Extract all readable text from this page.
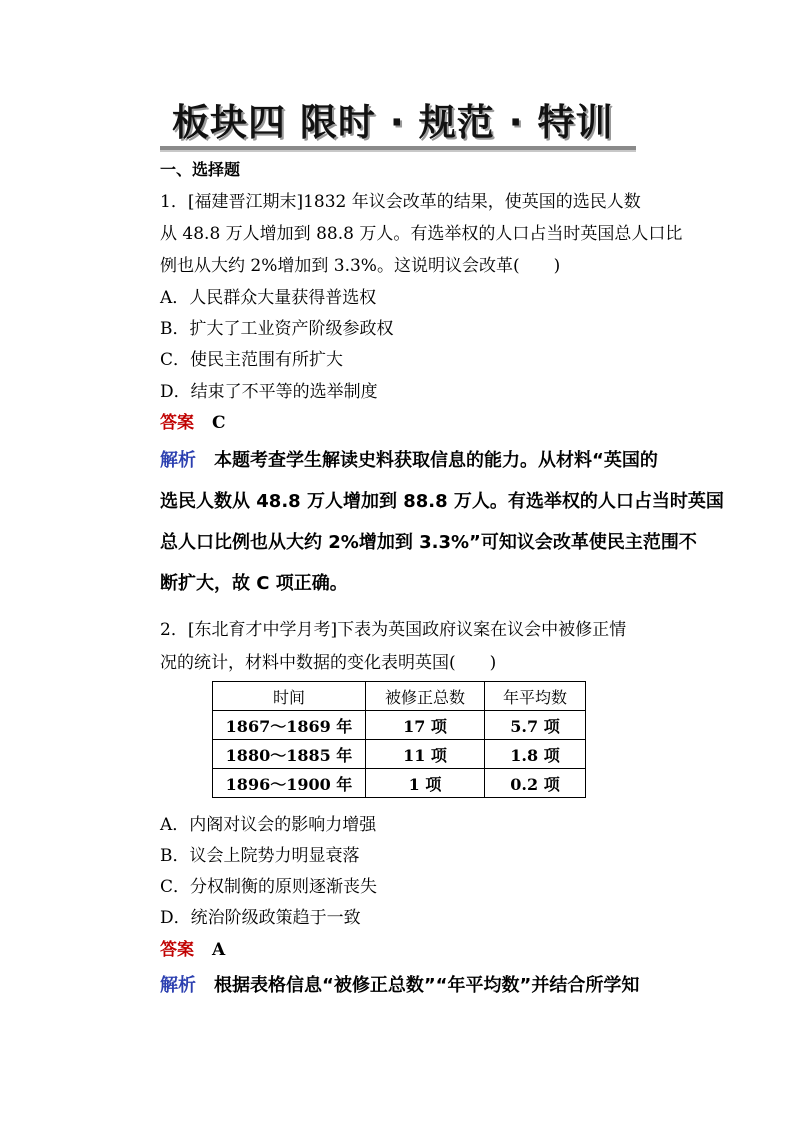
板块四 限时 · 规范 · 特训
一、选择题
1．[福建晋江期末]1832 年议会改革的结果，使英国的选民人数
从 48.8 万人增加到 88.8 万人。有选举权的人口占当时英国总人口比
例也从大约 2%增加到 3.3%。这说明议会改革(　　)
A．人民群众大量获得普选权
B．扩大了工业资产阶级参政权
C．使民主范围有所扩大
D．结束了不平等的选举制度
答案 C
解析 本题考查学生解读史料获取信息的能力。从材料“英国的
选民人数从 48.8 万人增加到 88.8 万人。有选举权的人口占当时英国
总人口比例也从大约 2%增加到 3.3%”可知议会改革使民主范围不
断扩大，故 C 项正确。
2．[东北育才中学月考]下表为英国政府议案在议会中被修正情
况的统计，材料中数据的变化表明英国(　　)
时间	被修正总数	年平均数
1867～1869 年	17 项	5.7 项
1880～1885 年	11 项	1.8 项
1896～1900 年	1 项	0.2 项
A．内阁对议会的影响力增强
B．议会上院势力明显衰落
C．分权制衡的原则逐渐丧失
D．统治阶级政策趋于一致
答案 A
解析 根据表格信息“被修正总数”“年平均数”并结合所学知
